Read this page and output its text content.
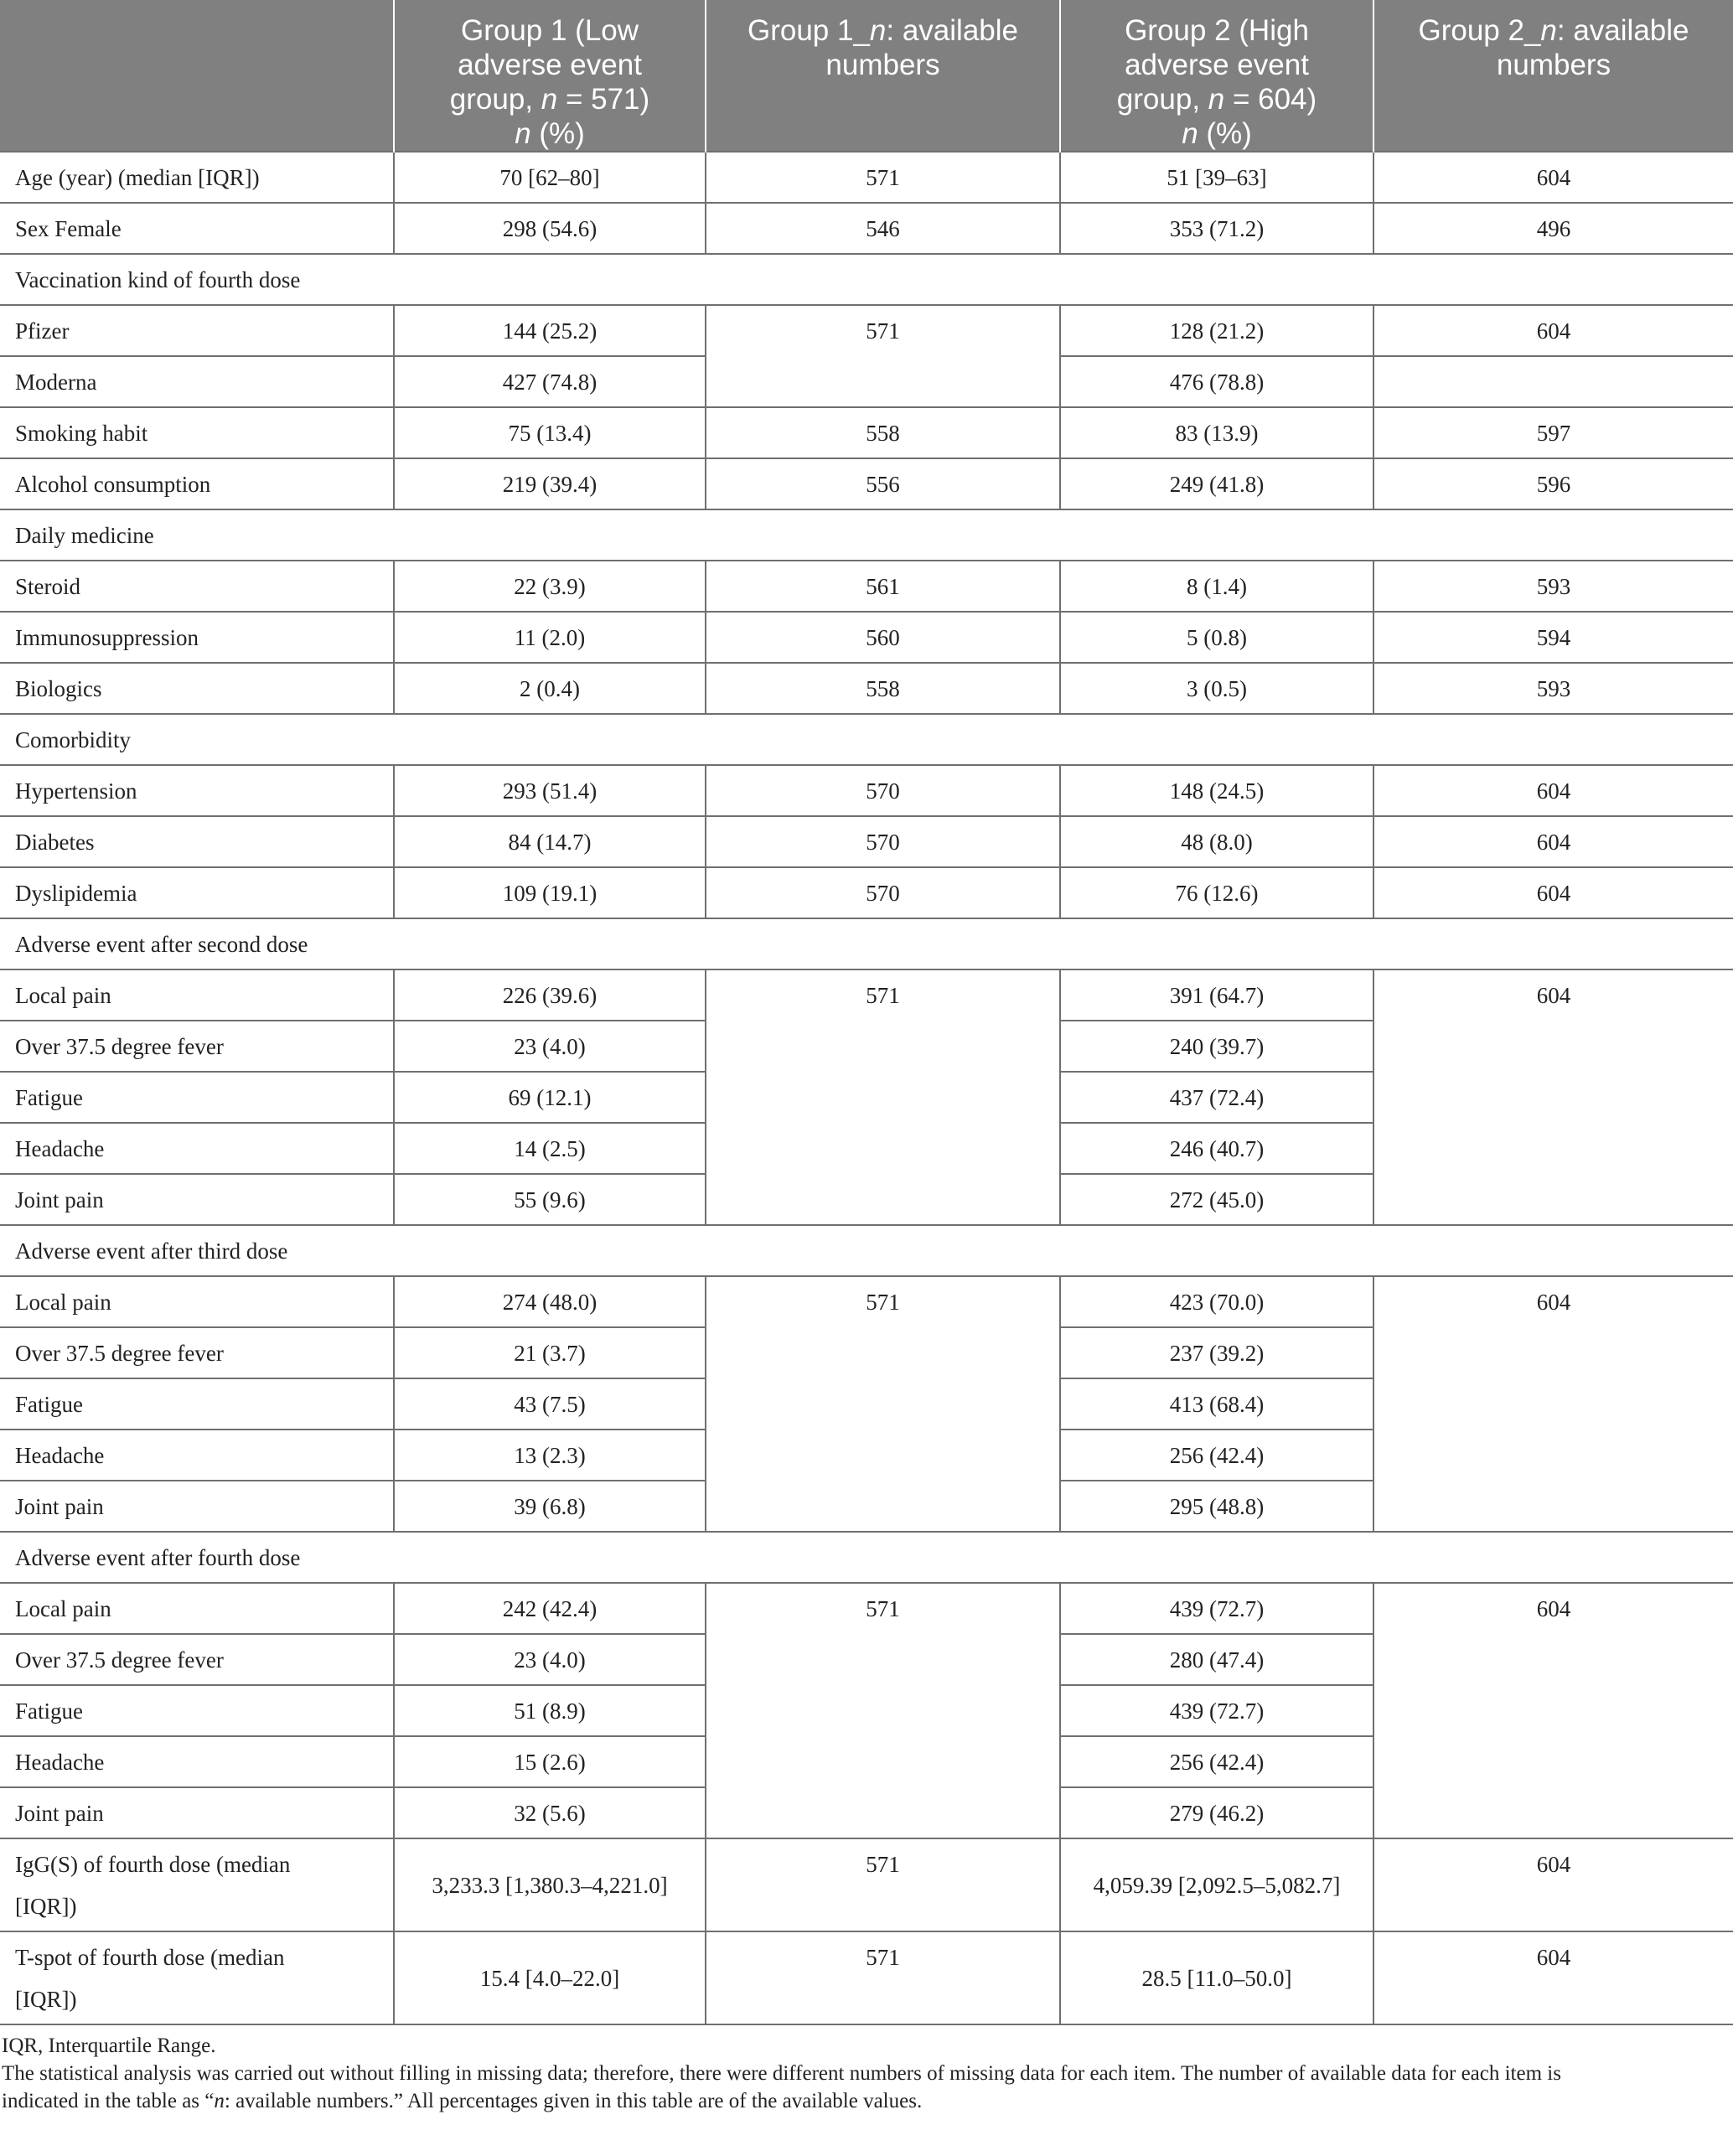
	Group 1 (Low
adverse event
group, n = 571)
n (%)	Group 1_n: available
numbers	Group 2 (High
adverse event
group, n = 604)
n (%)	Group 2_n: available
numbers
Age (year) (median [IQR])	70 [62–80]	571	51 [39–63]	604
Sex Female	298 (54.6)	546	353 (71.2)	496
Vaccination kind of fourth dose				
Pfizer	144 (25.2)	571	128 (21.2)	604
Moderna	427 (74.8)		476 (78.8)	
Smoking habit	75 (13.4)	558	83 (13.9)	597
Alcohol consumption	219 (39.4)	556	249 (41.8)	596
Daily medicine				
Steroid	22 (3.9)	561	8 (1.4)	593
Immunosuppression	11 (2.0)	560	5 (0.8)	594
Biologics	2 (0.4)	558	3 (0.5)	593
Comorbidity				
Hypertension	293 (51.4)	570	148 (24.5)	604
Diabetes	84 (14.7)	570	48 (8.0)	604
Dyslipidemia	109 (19.1)	570	76 (12.6)	604
Adverse event after second dose				
Local pain	226 (39.6)	571	391 (64.7)	604
Over 37.5 degree fever	23 (4.0)		240 (39.7)	
Fatigue	69 (12.1)		437 (72.4)	
Headache	14 (2.5)		246 (40.7)	
Joint pain	55 (9.6)		272 (45.0)	
Adverse event after third dose				
Local pain	274 (48.0)	571	423 (70.0)	604
Over 37.5 degree fever	21 (3.7)		237 (39.2)	
Fatigue	43 (7.5)		413 (68.4)	
Headache	13 (2.3)		256 (42.4)	
Joint pain	39 (6.8)		295 (48.8)	
Adverse event after fourth dose				
Local pain	242 (42.4)	571	439 (72.7)	604
Over 37.5 degree fever	23 (4.0)		280 (47.4)	
Fatigue	51 (8.9)		439 (72.7)	
Headache	15 (2.6)		256 (42.4)	
Joint pain	32 (5.6)		279 (46.2)	
IgG(S) of fourth dose (median
[IQR])	3,233.3 [1,380.3–4,221.0]	571	4,059.39 [2,092.5–5,082.7]	604
T-spot of fourth dose (median
[IQR])	15.4 [4.0–22.0]	571	28.5 [11.0–50.0]	604

IQR, Interquartile Range.

The statistical analysis was carried out without filling in missing data; therefore, there were different numbers of missing data for each item. The number of available data for each item is
indicated in the table as “n: available numbers.” All percentages given in this table are of the available values.
